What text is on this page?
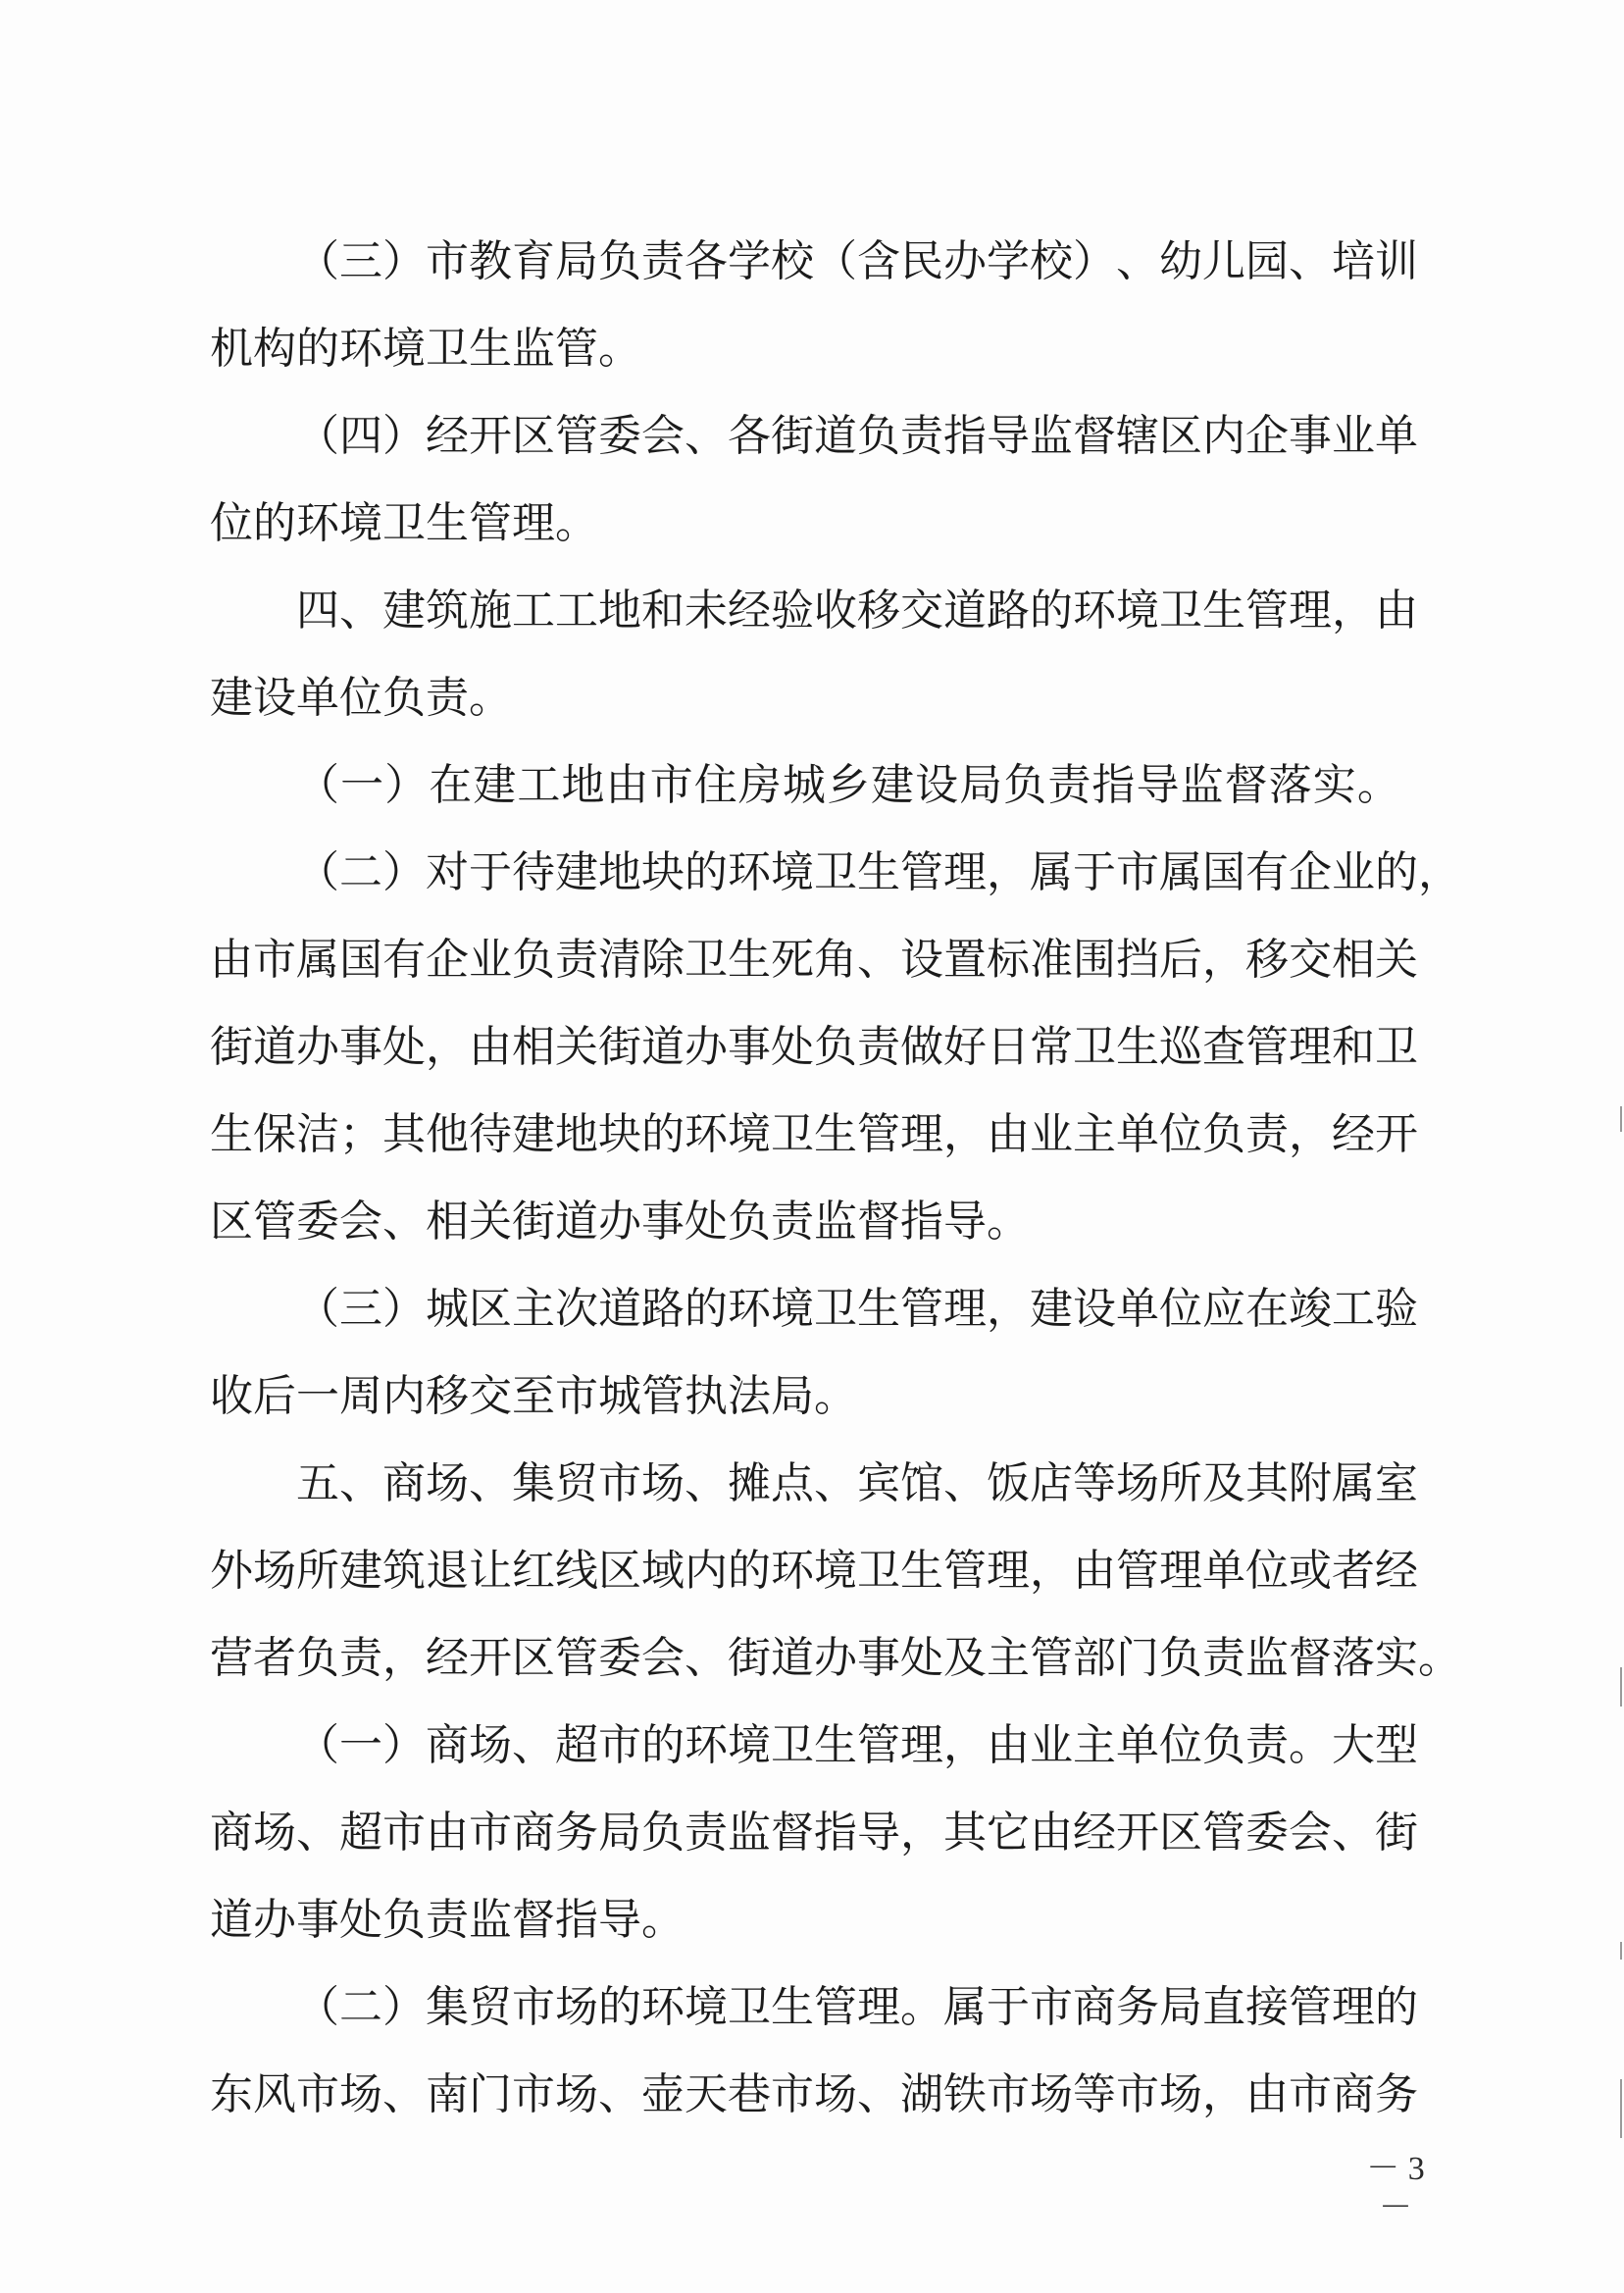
（ 三 ） 市 教 育 局 负 责 各 学 校 （ 含 民 办 学 校 ） 、 幼 儿 园 、 培 训
机构的环境卫生监管。
（ 四 ） 经 开 区 管 委 会 、 各 街 道 负 责 指 导 监 督 辖 区 内 企 事 业 单
位的环境卫生管理。
四 、 建 筑 施 工 工 地 和 未 经 验 收 移 交 道 路 的 环 境 卫 生 管 理 ， 由
建设单位负责。
（ 一 ） 在 建 工 地 由 市 住 房 城 乡 建 设 局 负 责 指 导 监 督 落 实 。
（ 二 ） 对 于 待 建 地 块 的 环 境 卫 生 管 理 ， 属 于 市 属 国 有 企 业 的 ，
由 市 属 国 有 企 业 负 责 清 除 卫 生 死 角 、 设 置 标 准 围 挡 后 ， 移 交 相 关
街 道 办 事 处 ， 由 相 关 街 道 办 事 处 负 责 做 好 日 常 卫 生 巡 查 管 理 和 卫
生 保 洁 ； 其 他 待 建 地 块 的 环 境 卫 生 管 理 ， 由 业 主 单 位 负 责 ， 经 开
区管委会、相关街道办事处负责监督指导。
（ 三 ） 城 区 主 次 道 路 的 环 境 卫 生 管 理 ， 建 设 单 位 应 在 竣 工 验
收后一周内移交至市城管执法局。
五 、 商 场 、 集 贸 市 场 、 摊 点 、 宾 馆 、 饭 店 等 场 所 及 其 附 属 室
外 场 所 建 筑 退 让 红 线 区 域 内 的 环 境 卫 生 管 理 ， 由 管 理 单 位 或 者 经
营者负责，经开区管委会、街道办事处及主管部门负责监督落实。
（ 一 ） 商 场 、 超 市 的 环 境 卫 生 管 理 ， 由 业 主 单 位 负 责 。 大 型
商 场 、 超 市 由 市 商 务 局 负 责 监 督 指 导 ， 其 它 由 经 开 区 管 委 会 、 街
道办事处负责监督指导。
（ 二 ） 集 贸 市 场 的 环 境 卫 生 管 理 。 属 于 市 商 务 局 直 接 管 理 的
东 风 市 场 、 南 门 市 场 、 壶 天 巷 市 场 、 湖 铁 市 场 等 市 场 ， 由 市 商 务
－ 3 －
